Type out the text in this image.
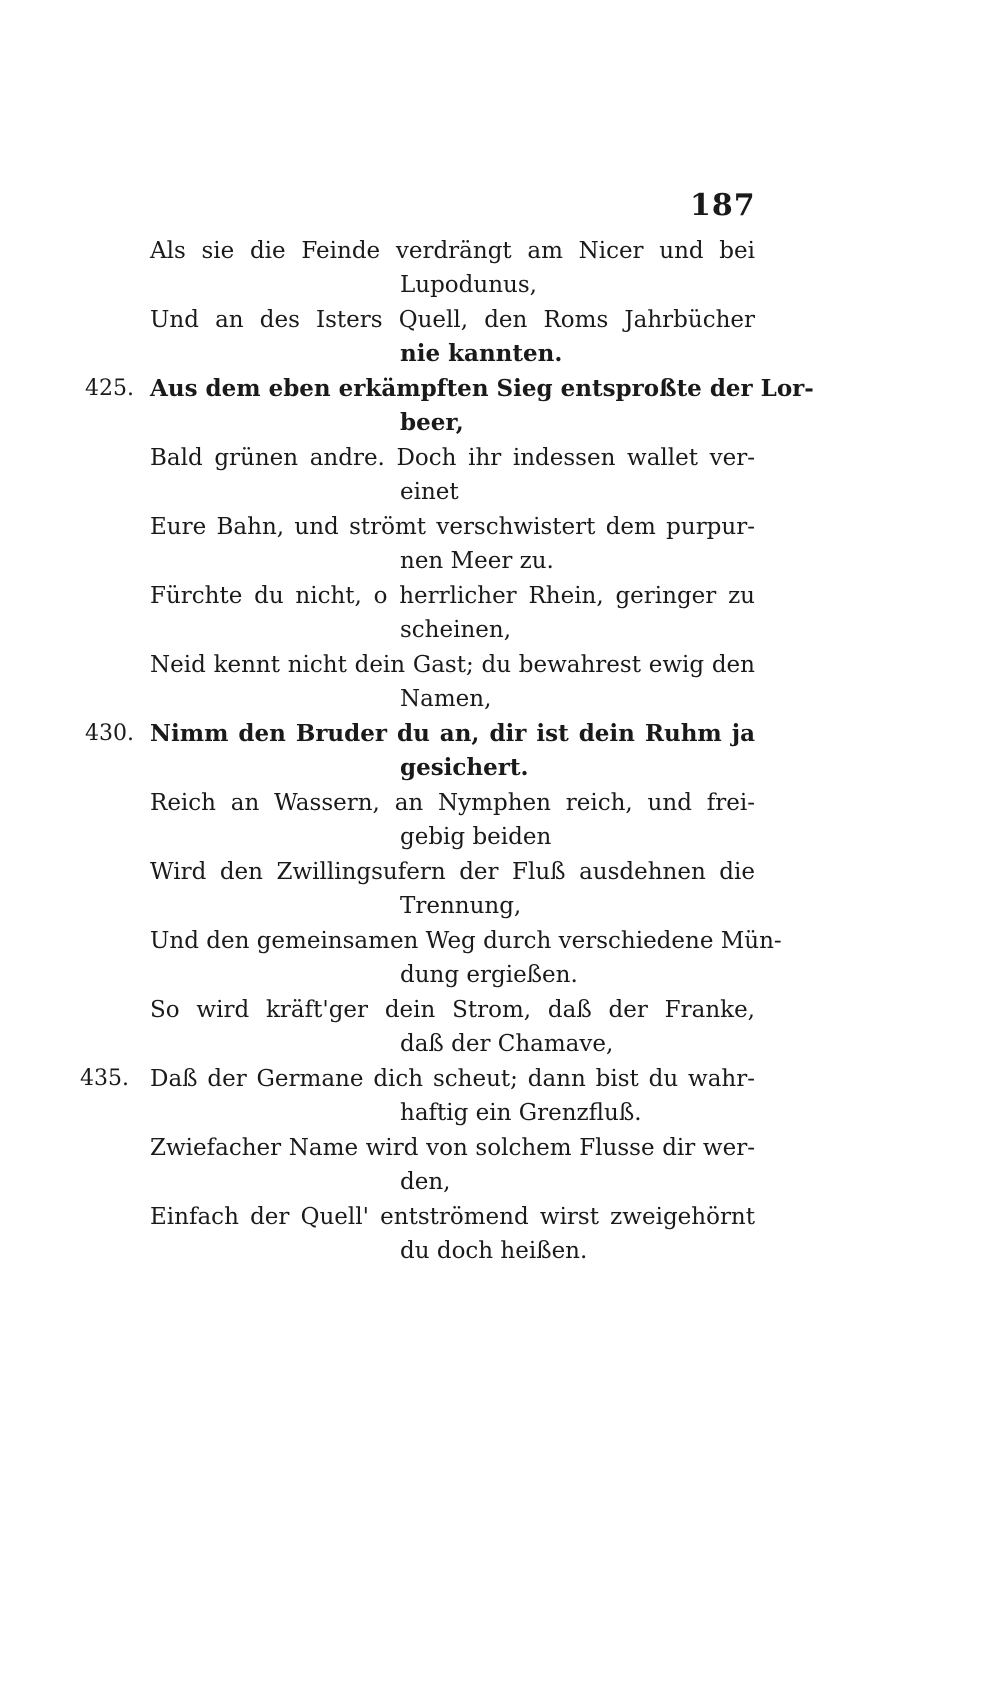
187
Als sie die Feinde verdrängt am Nicer und bei
Lupodunus,
Und an des Isters Quell, den Roms Jahrbücher
nie kannten.
425. Aus dem eben erkämpften Sieg entsproßte der Lor-
beer,
Bald grünen andre. Doch ihr indessen wallet ver-
einet
Eure Bahn, und strömt verschwistert dem purpur-
nen Meer zu.
Fürchte du nicht, o herrlicher Rhein, geringer zu
scheinen,
Neid kennt nicht dein Gast; du bewahrest ewig den
Namen,
430. Nimm den Bruder du an, dir ist dein Ruhm ja
gesichert.
Reich an Wassern, an Nymphen reich, und frei-
gebig beiden
Wird den Zwillingsufern der Fluß ausdehnen die
Trennung,
Und den gemeinsamen Weg durch verschiedene Mün-
dung ergießen.
So wird kräft'ger dein Strom, daß der Franke,
daß der Chamave,
435. Daß der Germane dich scheut; dann bist du wahr-
haftig ein Grenzfluß.
Zwiefacher Name wird von solchem Flusse dir wer-
den,
Einfach der Quell' entströmend wirst zweigehörnt
du doch heißen.
